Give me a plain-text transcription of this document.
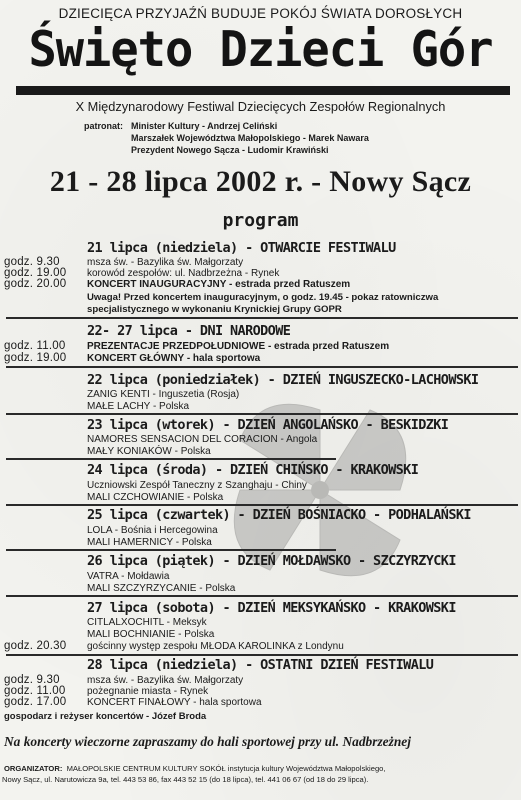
DZIECIĘCA PRZYJAŹŃ BUDUJE POKÓJ ŚWIATA DOROSŁYCH
Święto Dzieci Gór
X Międzynarodowy Festiwal Dziecięcych Zespołów Regionalnych
patronat: Minister Kultury - Andrzej Celiński
Marszałek Województwa Małopolskiego - Marek Nawara
Prezydent Nowego Sącza - Ludomir Krawiński
21 - 28 lipca 2002 r. - Nowy Sącz
program
21 lipca (niedziela) - OTWARCIE FESTIWALU
godz. 9.30
godz. 19.00
godz. 20.00
msza św. - Bazylika św. Małgorzaty
korowód zespołów: ul. Nadbrzeżna - Rynek
KONCERT INAUGURACYJNY - estrada przed Ratuszem
Uwaga! Przed koncertem inauguracyjnym, o godz. 19.45 - pokaz ratowniczwa
specjalistycznego w wykonaniu Krynickiej Grupy GOPR
22- 27 lipca - DNI NARODOWE
godz. 11.00
godz. 19.00
PREZENTACJE PRZEDPOŁUDNIOWE - estrada przed Ratuszem
KONCERT GŁÓWNY - hala sportowa
22 lipca (poniedziałek) - DZIEŃ INGUSZECKO-LACHOWSKI
ZANIG KENTI - Inguszetia (Rosja)
MAŁE LACHY - Polska
23 lipca (wtorek) - DZIEŃ ANGOLAŃSKO - BESKIDZKI
NAMORES SENSACION DEL CORACION - Angola
MAŁY KONIAKÓW - Polska
24 lipca (środa) - DZIEŃ CHIŃSKO - KRAKOWSKI
Uczniowski Zespół Taneczny z Szanghaju - Chiny
MALI CZCHOWIANIE - Polska
25 lipca (czwartek) - DZIEŃ BOŚNIACKO - PODHALAŃSKI
LOLA - Bośnia i Hercegowina
MALI HAMERNICY - Polska
26 lipca (piątek) - DZIEŃ MOŁDAWSKO - SZCZYRZYCKI
VATRA - Mołdawia
MALI SZCZYRZYCANIE - Polska
27 lipca (sobota) - DZIEŃ MEKSYKAŃSKO - KRAKOWSKI
CITLALXOCHITL - Meksyk
MALI BOCHNIANIE - Polska
godz. 20.30 gościnny występ zespołu MŁODA KAROLINKA z Londynu
28 lipca (niedziela) - OSTATNI DZIEŃ FESTIWALU
godz. 9.30
godz. 11.00
godz. 17.00
msza św. - Bazylika św. Małgorzaty
pożegnanie miasta - Rynek
KONCERT FINAŁOWY - hala sportowa
gospodarz i reżyser koncertów - Józef Broda
Na koncerty wieczorne zapraszamy do hali sportowej przy ul. Nadbrzeżnej
ORGANIZATOR: MAŁOPOLSKIE CENTRUM KULTURY SOKÓŁ instytucja kultury Województwa Małopolskiego,
Nowy Sącz, ul. Narutowicza 9a, tel. 443 53 86, fax 443 52 15 (do 18 lipca), tel. 441 06 67 (od 18 do 29 lipca).
